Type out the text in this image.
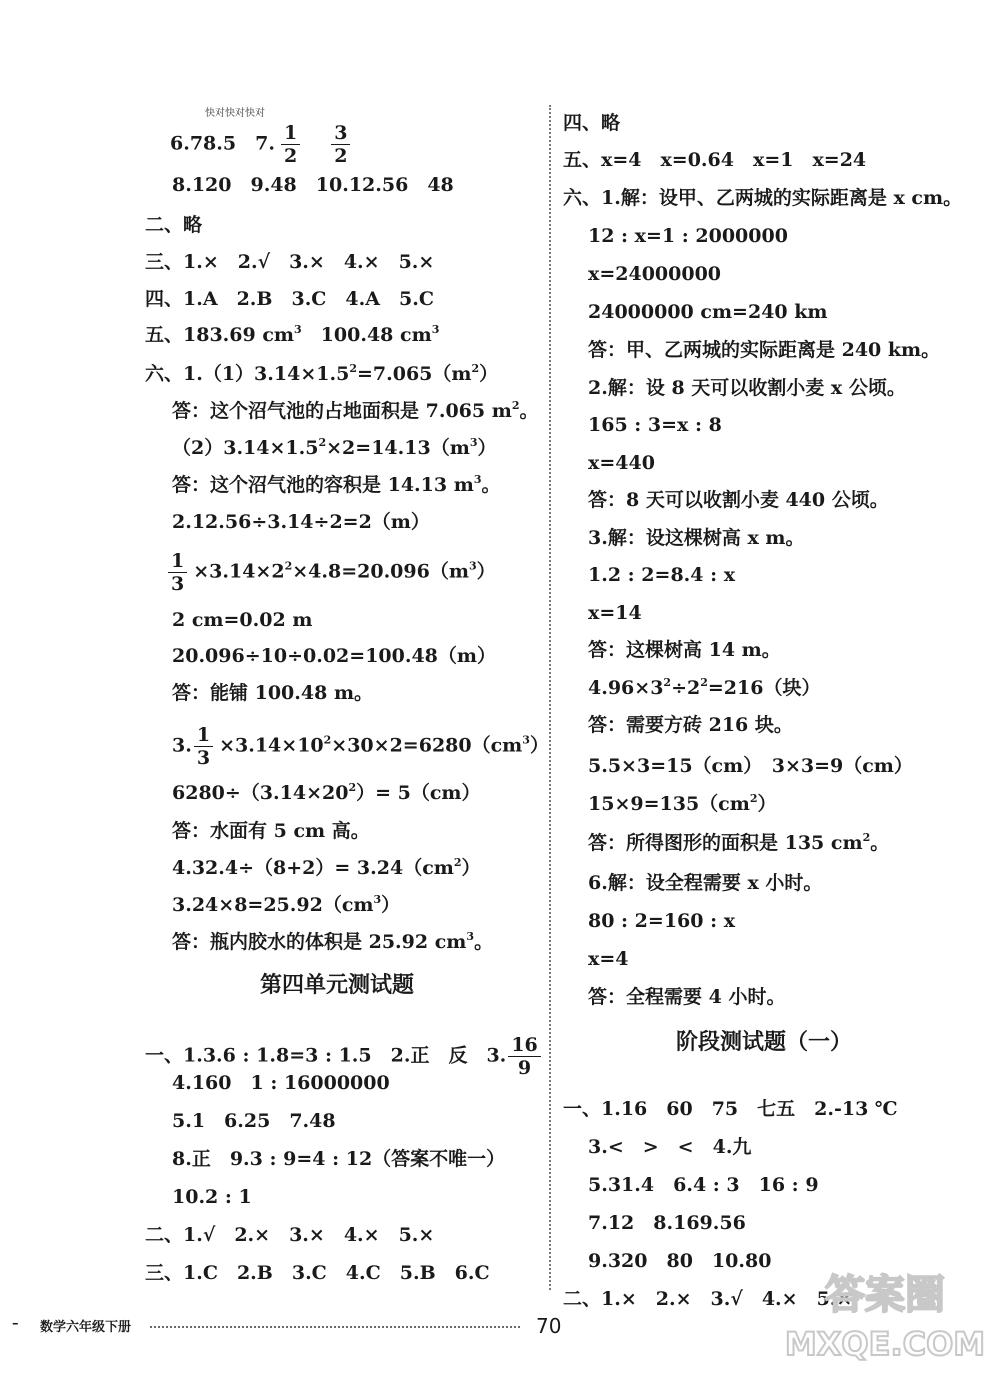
快对快对快对
6.78.5　 7. $\frac{1}{2}$
　 $\frac{3}{2}$
8.120　9.48　10.12.56　48
二、略
三、1.×　2.√　3.×　4.×　5.×
四、1.A　2.B　3.C　4.A　5.C
五、183.69 $cm^3$　100.48 $cm^3$
六、$1.(1)3.14\times 1.5^2=7.065(m^2)$
答：这个沼气池的占地面积是 7.065 $m^2$。
$(2)3.14\times 1.5^2\times 2=14.13(m^3)$
答：这个沼气池的容积是 14.13 $m^3$。
2.12.56÷3.14÷2=2（m）
$\frac{1}{3} \times 3.14\times 2^2\times 4.8=20.096(m^3)$
2 cm=0.02 m
20.096÷10÷0.02=100.48（m）
答：能铺 100.48 m。
3. $\frac{1}{3} \times 3.14\times 10^2\times 30\times 2=6280(cm^3)$
$6280\div(3.14\times 20^2)= 5(cm)$
答：水面有 5 cm 高。
$4.32.4\div(8+2)= 3.24(cm^2)$
$3.24\times 8=25.92(cm^3)$
答：瓶内胶水的体积是 25.92 $cm^3$。
第四单元测试题
一、1.3.6 : 1.8=3 : 1.5　2.正　反　3. $\frac{16}{9}$
4.160　1 : 16000000
5.1　6.25　7.48
8.正　9.3 : 9=4 : 12（答案不唯一）
10.2 : 1
二、1.√　2.×　3.×　4.×　5.×
三、1.C　2.B　3.C　4.C　5.B　6.C
四、略
五、x=4　x=0.64　x=1　x=24
六、1.解：设甲、乙两城的实际距离是 x cm。
12 : x=1 : 2000000
x=24000000
24000000 cm=240 km
答：甲、乙两城的实际距离是 240 km。
2.解：设 8 天可以收割小麦 x 公顷。
165 : 3=x : 8
x=440
答：8 天可以收割小麦 440 公顷。
3.解：设这棵树高 x m。
1.2 : 2=8.4 : x
x=14
答：这棵树高 14 m。
$4.96\times 3^2\div 2^2=216$（块）
答：需要方砖 216 块。
5.5×3=15（cm）　3×3=9（cm）
$15\times 9=135(cm^2)$
答：所得图形的面积是 135 $cm^2$。
6.解：设全程需要 x 小时。
80 : 2=160 : x
x=4
答：全程需要 4 小时。
阶段测试题（一）
一、1.16　60　75　七五　2.-13 ℃
3.<　>　<　4.九
5.31.4　6.4 : 3　16 : 9
7.12　8.169.56
9.320　80　10.80
二、1.×　2.×　3.√　4.×　5.×
– 数学六年级下册	70
答案圈
MXQE.COM
